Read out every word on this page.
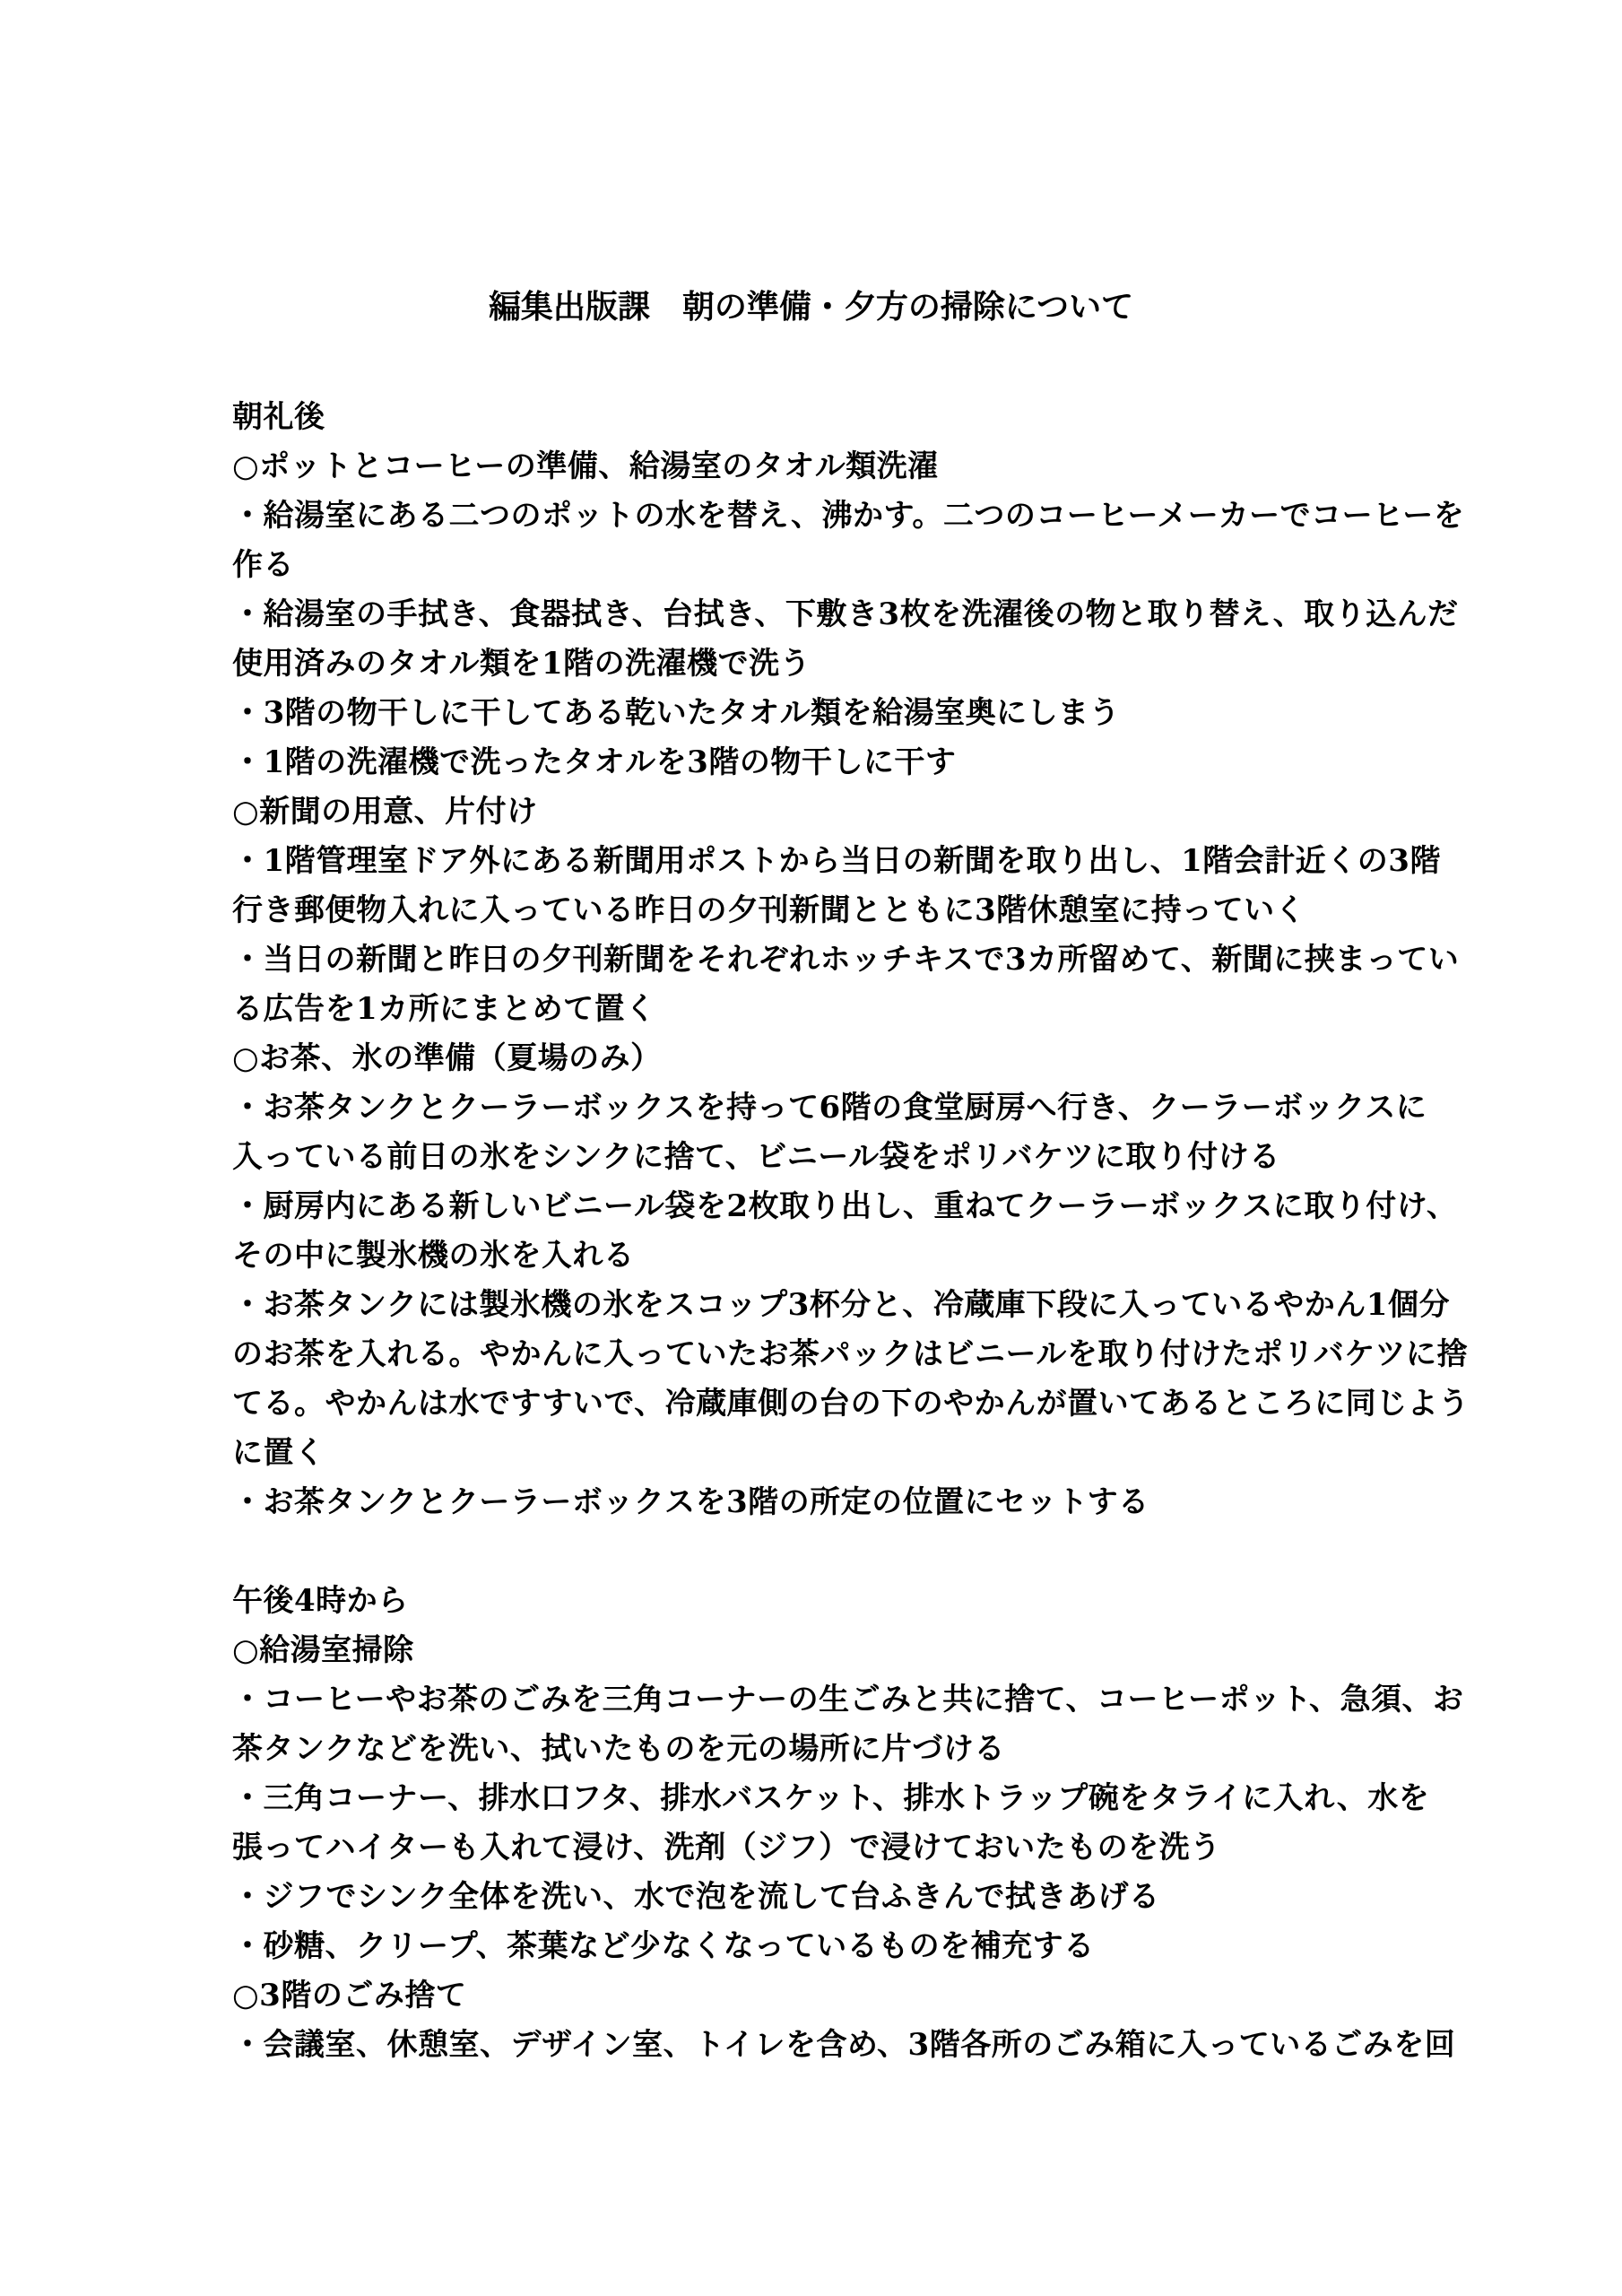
編集出版課　朝の準備・夕方の掃除について
朝礼後
○ポットとコーヒーの準備、給湯室のタオル類洗濯
・給湯室にある二つのポットの水を替え、沸かす。二つのコーヒーメーカーでコーヒーを
作る
・給湯室の手拭き、食器拭き、台拭き、下敷き3枚を洗濯後の物と取り替え、取り込んだ
使用済みのタオル類を1階の洗濯機で洗う
・3階の物干しに干してある乾いたタオル類を給湯室奥にしまう
・1階の洗濯機で洗ったタオルを3階の物干しに干す
○新聞の用意、片付け
・1階管理室ドア外にある新聞用ポストから当日の新聞を取り出し、1階会計近くの3階
行き郵便物入れに入っている昨日の夕刊新聞とともに3階休憩室に持っていく
・当日の新聞と昨日の夕刊新聞をそれぞれホッチキスで3カ所留めて、新聞に挟まってい
る広告を1カ所にまとめて置く
○お茶、氷の準備（夏場のみ）
・お茶タンクとクーラーボックスを持って6階の食堂厨房へ行き、クーラーボックスに
入っている前日の氷をシンクに捨て、ビニール袋をポリバケツに取り付ける
・厨房内にある新しいビニール袋を2枚取り出し、重ねてクーラーボックスに取り付け、
その中に製氷機の氷を入れる
・お茶タンクには製氷機の氷をスコップ3杯分と、冷蔵庫下段に入っているやかん1個分
のお茶を入れる。やかんに入っていたお茶パックはビニールを取り付けたポリバケツに捨
てる。やかんは水ですすいで、冷蔵庫側の台の下のやかんが置いてあるところに同じよう
に置く
・お茶タンクとクーラーボックスを3階の所定の位置にセットする

午後4時から
○給湯室掃除
・コーヒーやお茶のごみを三角コーナーの生ごみと共に捨て、コーヒーポット、急須、お
茶タンクなどを洗い、拭いたものを元の場所に片づける
・三角コーナー、排水口フタ、排水バスケット、排水トラップ碗をタライに入れ、水を
張ってハイターも入れて浸け、洗剤（ジフ）で浸けておいたものを洗う
・ジフでシンク全体を洗い、水で泡を流して台ふきんで拭きあげる
・砂糖、クリープ、茶葉など少なくなっているものを補充する
○3階のごみ捨て
・会議室、休憩室、デザイン室、トイレを含め、3階各所のごみ箱に入っているごみを回
